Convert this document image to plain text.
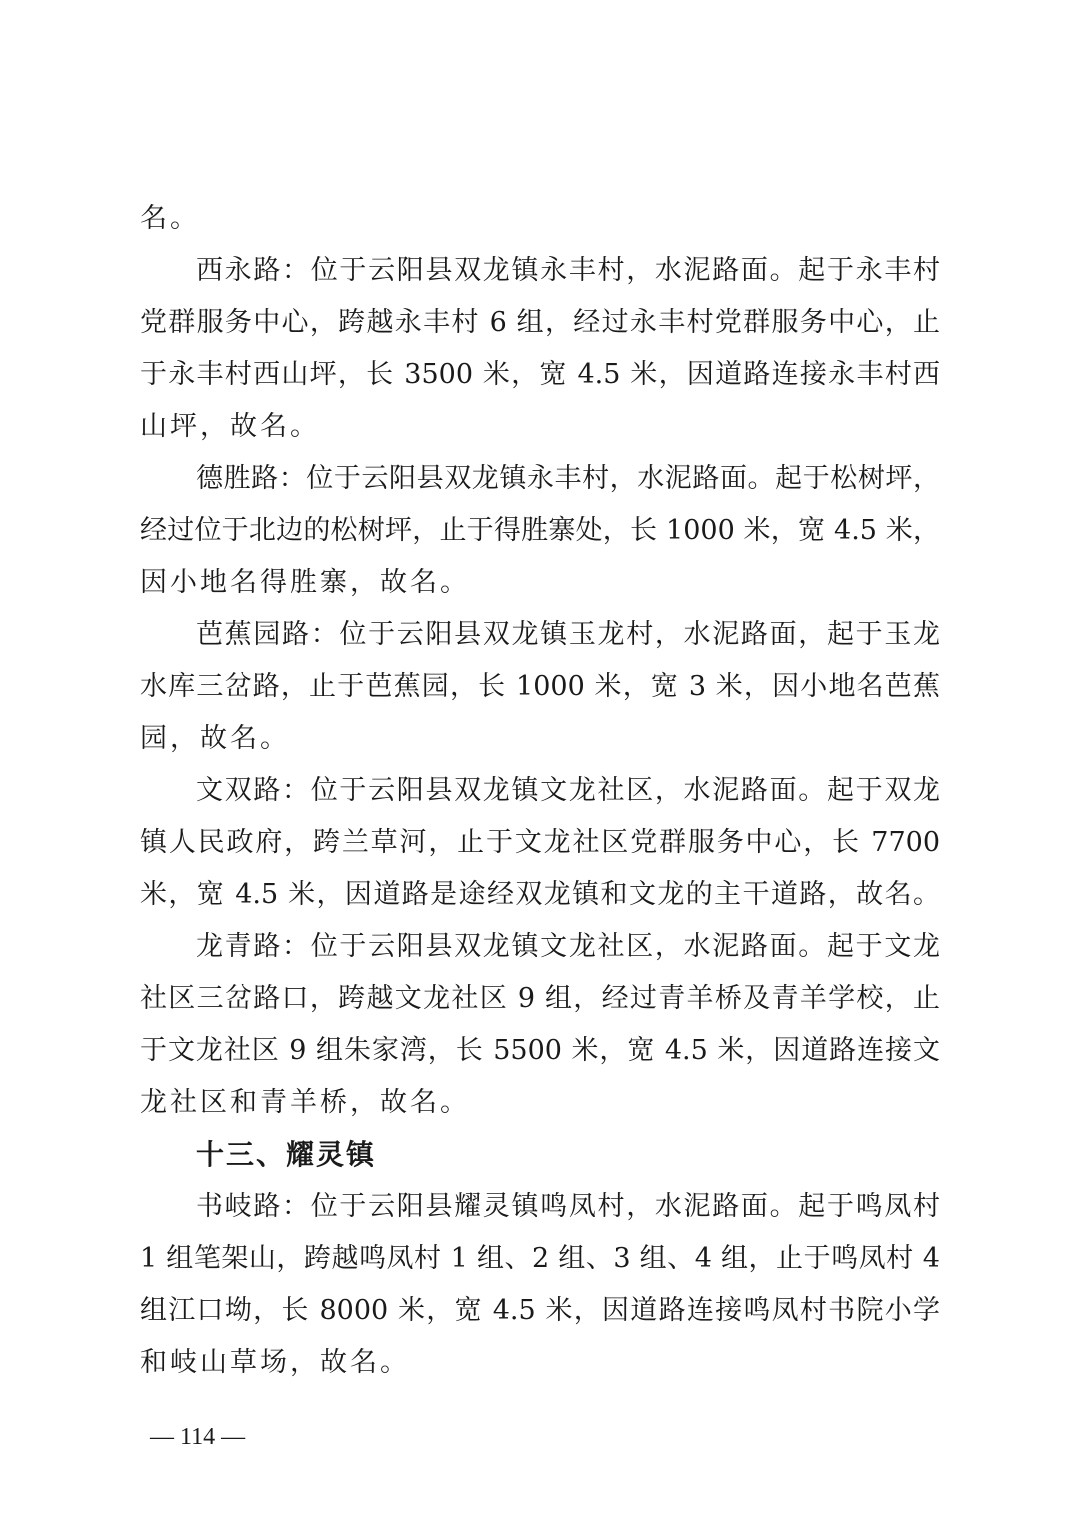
名。
西永路：位于云阳县双龙镇永丰村，水泥路面。起于永丰村
党群服务中心，跨越永丰村 6 组，经过永丰村党群服务中心，止
于永丰村西山坪，长 3500 米，宽 4.5 米，因道路连接永丰村西
山坪，故名。
德胜路：位于云阳县双龙镇永丰村，水泥路面。起于松树坪，
经过位于北边的松树坪，止于得胜寨处，长 1000 米，宽 4.5 米，
因小地名得胜寨，故名。
芭蕉园路：位于云阳县双龙镇玉龙村，水泥路面，起于玉龙
水库三岔路，止于芭蕉园，长 1000 米，宽 3 米，因小地名芭蕉
园，故名。
文双路：位于云阳县双龙镇文龙社区，水泥路面。起于双龙
镇人民政府，跨兰草河，止于文龙社区党群服务中心，长 7700
米，宽 4.5 米，因道路是途经双龙镇和文龙的主干道路，故名。
龙青路：位于云阳县双龙镇文龙社区，水泥路面。起于文龙
社区三岔路口，跨越文龙社区 9 组，经过青羊桥及青羊学校，止
于文龙社区 9 组朱家湾，长 5500 米，宽 4.5 米，因道路连接文
龙社区和青羊桥，故名。
十三、耀灵镇
书岐路：位于云阳县耀灵镇鸣凤村，水泥路面。起于鸣凤村
1 组笔架山，跨越鸣凤村 1 组、2 组、3 组、4 组，止于鸣凤村 4
组江口坳，长 8000 米，宽 4.5 米，因道路连接鸣凤村书院小学
和岐山草场，故名。
— 114 —
